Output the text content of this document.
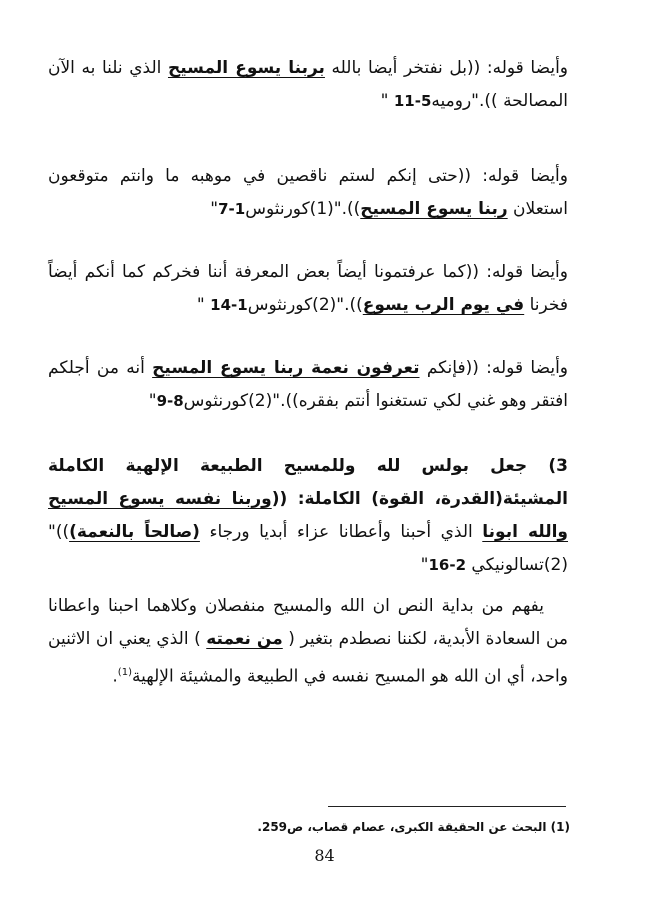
وأيضا قوله: ((بل نفتخر أيضا بالله بربنا يسوع المسيح الذي نلنا به الآن المصالحة ))."روميه5-11 "

وأيضا قوله: ((حتى إنكم لستم ناقصين في موهبه ما وانتم متوقعون استعلان ربنا يسوع المسيح))."(1)كورنثوس1-7"

وأيضا قوله: ((كما عرفتمونا أيضاً بعض المعرفة أننا فخركم كما أنكم أيضاً فخرنا في يوم الرب يسوع))."(2)كورنثوس1-14 "

وأيضا قوله: ((فإنكم تعرفون نعمة ربنا يسوع المسيح أنه من أجلكم افتقر وهو غني لكي تستغنوا أنتم بفقره))."(2)كورنثوس8-9"

3) جعل بولس لله وللمسيح الطبيعة الإلهية الكاملة المشيئة(القدرة، القوة) الكاملة: ((وربنا نفسه يسوع المسيح والله ابونا الذي أحبنا وأعطانا عزاء أبديا ورجاء (صالحاً بالنعمة)))"(2)تسالونيكي 2-16"

يفهم من بداية النص ان الله والمسيح منفصلان وكلاهما احبنا واعطانا من السعادة الأبدية، لكننا نصطدم بتغير ( من نعمته ) الذي يعني ان الاثنين واحد، أي ان الله هو المسيح نفسه في الطبيعة والمشيئة الإلهية$^{(1)}$.

(1) البحث عن الحقيقة الكبرى، عصام قصاب، ص259.
84
